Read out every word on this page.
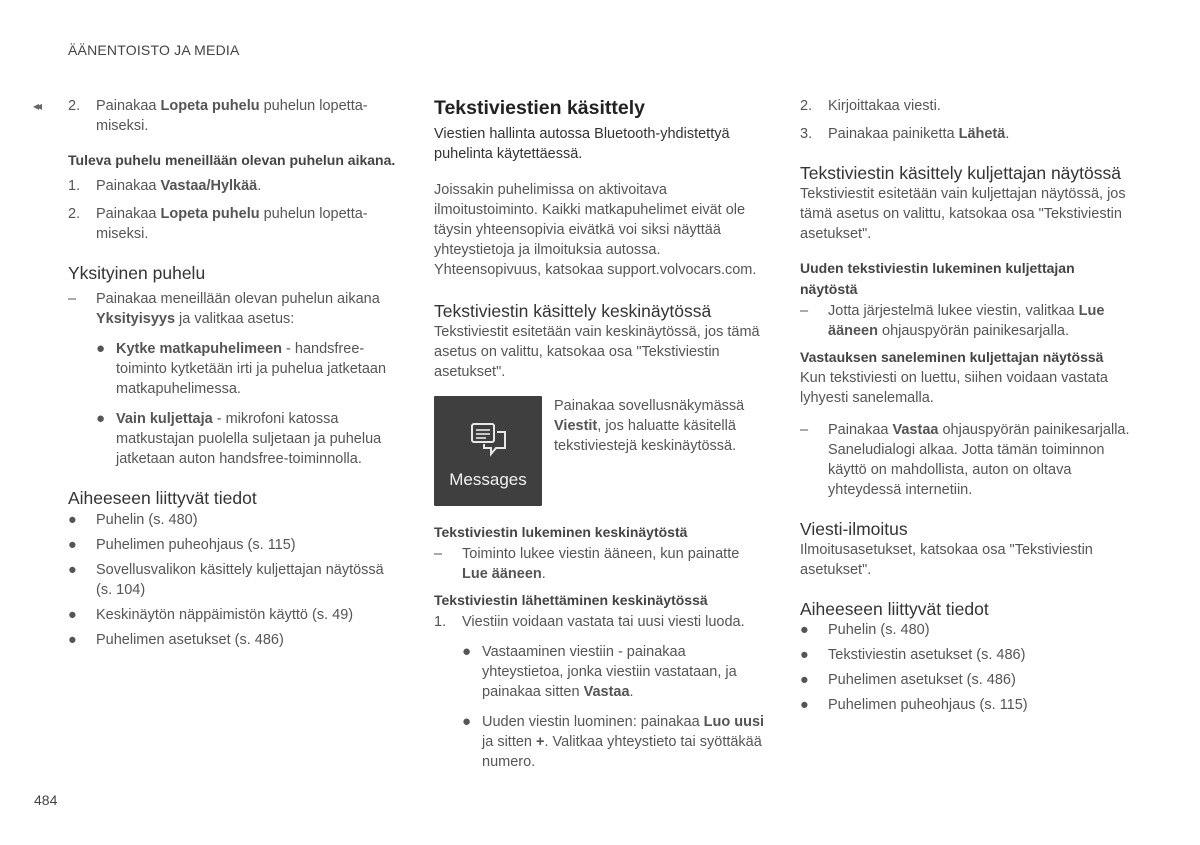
ÄÄNENTOISTO JA MEDIA
◂◂ 2.	Painakaa Lopeta puhelu puhelun lopetta-miseksi.

Tuleva puhelu meneillään olevan puhelun aikana.

1.	Painakaa Vastaa/Hylkää.
2.	Painakaa Lopeta puhelu puhelun lopetta-miseksi.

Yksityinen puhelu

–	Painakaa meneillään olevan puhelun aikana Yksityisyys ja valitkaa asetus:
● Kytke matkapuhelimeen - handsfree-toiminto kytketään irti ja puhelua jatketaan matkapuhelimessa.
● Vain kuljettaja - mikrofoni katossa matkustajan puolella suljetaan ja puhelua jatketaan auton handsfree-toiminnolla.

Aiheeseen liittyvät tiedot

●	Puhelin (s. 480)
●	Puhelimen puheohjaus (s. 115)
●	Sovellusvalikon käsittely kuljettajan näytössä (s. 104)
●	Keskinäytön näppäimistön käyttö (s. 49)
●	Puhelimen asetukset (s. 486)

Tekstiviestien käsittely

Viestien hallinta autossa Bluetooth-yhdistettyä puhelinta käytettäessä.

Joissakin puhelimissa on aktivoitava ilmoitustoiminto. Kaikki matkapuhelimet eivät ole täysin yhteensopivia eivätkä voi siksi näyttää yhteystietoja ja ilmoituksia autossa. Yhteensopivuus, katsokaa support.volvocars.com.

Tekstiviestin käsittely keskinäytössä

Tekstiviestit esitetään vain keskinäytössä, jos tämä asetus on valittu, katsokaa osa "Tekstiviestin asetukset".

Messages

Painakaa sovellusnäkymässä Viestit, jos haluatte käsitellä tekstiviestejä keskinäytössä.

Tekstiviestin lukeminen keskinäytöstä

–	Toiminto lukee viestin ääneen, kun painatte Lue ääneen.

Tekstiviestin lähettäminen keskinäytössä

1.	Viestiin voidaan vastata tai uusi viesti luoda.
● Vastaaminen viestiin - painakaa yhteystietoa, jonka viestiin vastataan, ja painakaa sitten Vastaa.
● Uuden viestin luominen: painakaa Luo uusi ja sitten +. Valitkaa yhteystieto tai syöttäkää numero.
2.	Kirjoittakaa viesti.
3.	Painakaa painiketta Lähetä.

Tekstiviestin käsittely kuljettajan näytössä

Tekstiviestit esitetään vain kuljettajan näytössä, jos tämä asetus on valittu, katsokaa osa "Tekstiviestin asetukset".

Uuden tekstiviestin lukeminen kuljettajan näytöstä

–	Jotta järjestelmä lukee viestin, valitkaa Lue ääneen ohjauspyörän painikesarjalla.

Vastauksen saneleminen kuljettajan näytössä

Kun tekstiviesti on luettu, siihen voidaan vastata lyhyesti sanelemalla.

–	Painakaa Vastaa ohjauspyörän painikesarjalla. Saneludialogi alkaa. Jotta tämän toiminnon käyttö on mahdollista, auton on oltava yhteydessä internetiin.

Viesti-ilmoitus

Ilmoitusasetukset, katsokaa osa "Tekstiviestin asetukset".

Aiheeseen liittyvät tiedot

●	Puhelin (s. 480)
●	Tekstiviestin asetukset (s. 486)
●	Puhelimen asetukset (s. 486)
●	Puhelimen puheohjaus (s. 115)
484
